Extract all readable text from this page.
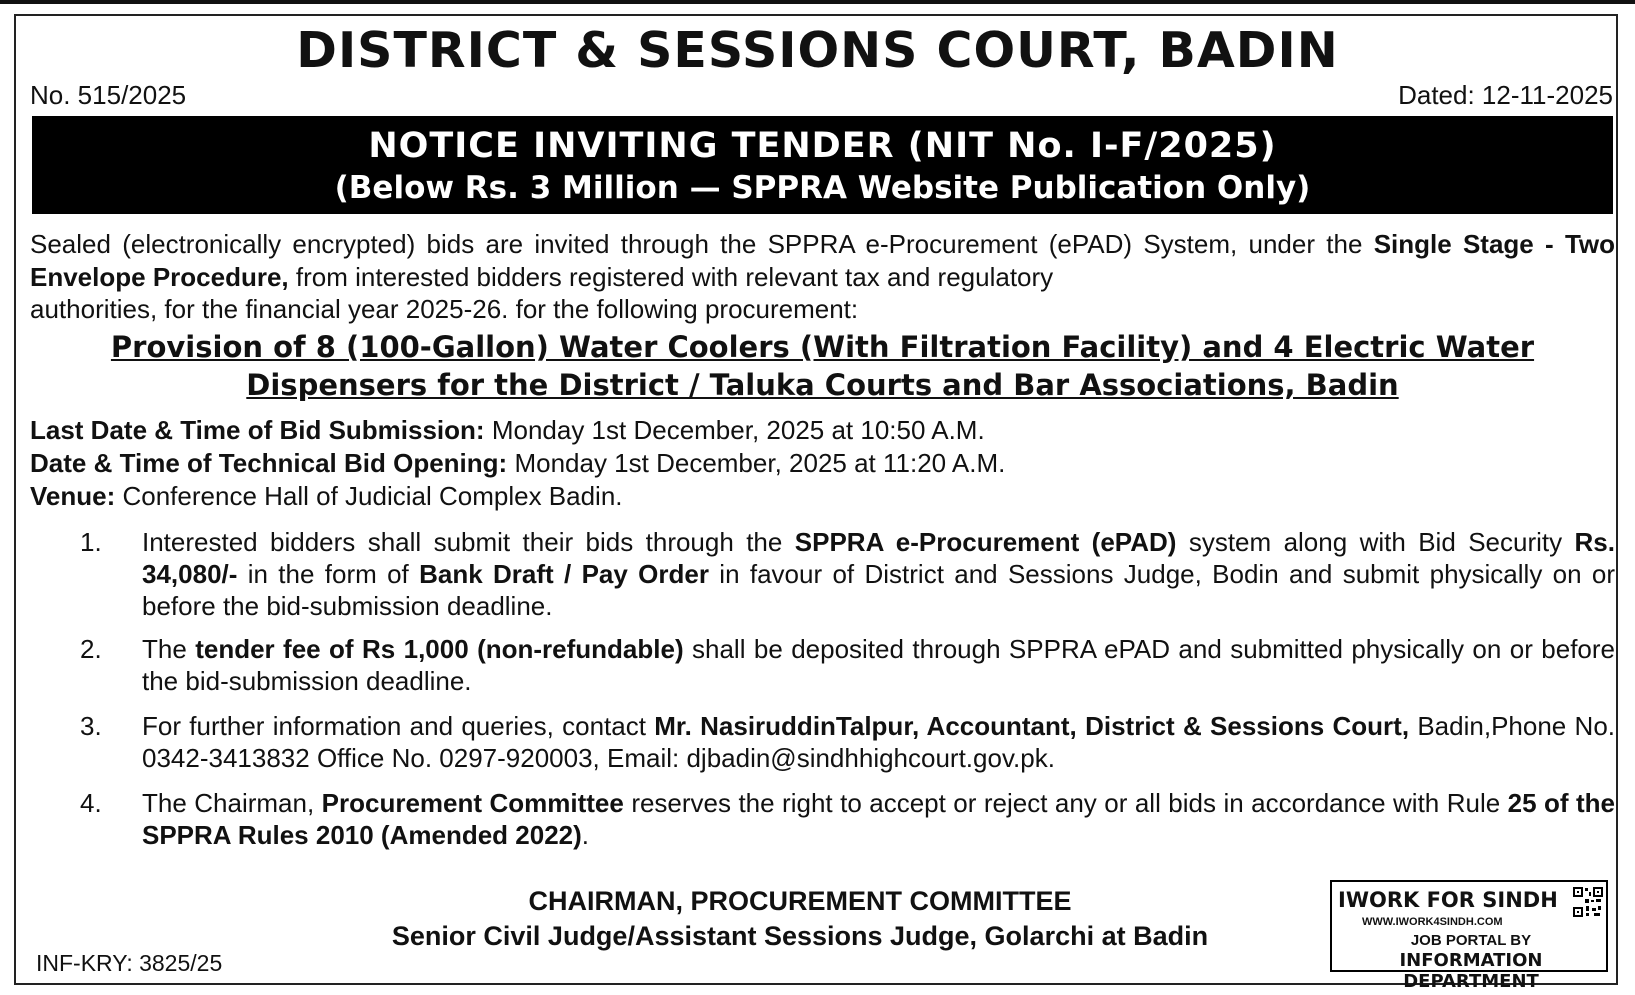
DISTRICT & SESSIONS COURT, BADIN
No. 515/2025	Dated: 12-11-2025
NOTICE INVITING TENDER (NIT No. I-F/2025)
(Below Rs. 3 Million — SPPRA Website Publication Only)
Sealed (electronically encrypted) bids are invited through the SPPRA e-Procurement (ePAD) System, under the Single Stage - Two Envelope Procedure, from interested bidders registered with relevant tax and regulatory
authorities, for the financial year 2025-26. for the following procurement:
Provision of 8 (100-Gallon) Water Coolers (With Filtration Facility) and 4 Electric Water
Dispensers for the District / Taluka Courts and Bar Associations, Badin
Last Date & Time of Bid Submission: Monday 1st December, 2025 at 10:50 A.M.
Date & Time of Technical Bid Opening: Monday 1st December, 2025 at 11:20 A.M.
Venue: Conference Hall of Judicial Complex Badin.
1.	Interested bidders shall submit their bids through the SPPRA e-Procurement (ePAD) system along with Bid Security Rs. 34,080/- in the form of Bank Draft / Pay Order in favour of District and Sessions Judge, Bodin and submit physically on or before the bid-submission deadline.
2.	The tender fee of Rs 1,000 (non-refundable) shall be deposited through SPPRA ePAD and submitted physically on or before the bid-submission deadline.
3.	For further information and queries, contact Mr. NasiruddinTalpur, Accountant, District & Sessions Court, Badin,Phone No. 0342-3413832 Office No. 0297-920003, Email: djbadin@sindhhighcourt.gov.pk.
4.	The Chairman, Procurement Committee reserves the right to accept or reject any or all bids in accordance with Rule 25 of the SPPRA Rules 2010 (Amended 2022).
CHAIRMAN, PROCUREMENT COMMITTEE
Senior Civil Judge/Assistant Sessions Judge, Golarchi at Badin
INF-KRY: 3825/25
IWORK FOR SINDH
WWW.IWORK4SINDH.COM
JOB PORTAL BY
INFORMATION DEPARTMENT
